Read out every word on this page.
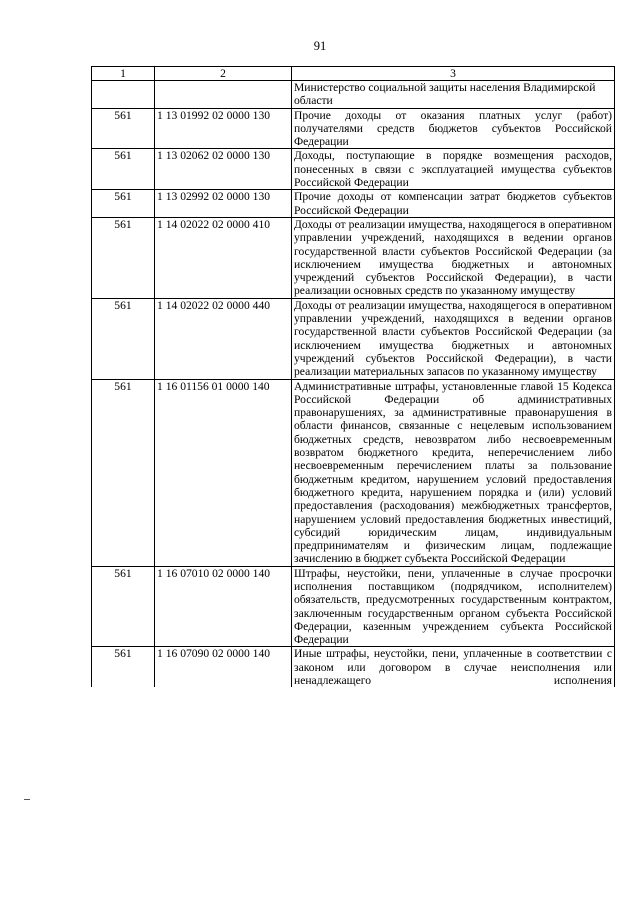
91
1	2	3
		Министерство социальной защиты населения Владимирской области
561	1 13 01992 02 0000 130	Прочие доходы от оказания платных услуг (работ) получателями средств бюджетов субъектов Российской Федерации
561	1 13 02062 02 0000 130	Доходы, поступающие в порядке возмещения расходов, понесенных в связи с эксплуатацией имущества субъектов Российской Федерации
561	1 13 02992 02 0000 130	Прочие доходы от компенсации затрат бюджетов субъектов Российской Федерации
561	1 14 02022 02 0000 410	Доходы от реализации имущества, находящегося в оперативном управлении учреждений, находящихся в ведении органов государственной власти субъектов Российской Федерации (за исключением имущества бюджетных и автономных учреждений субъектов Российской Федерации), в части реализации основных средств по указанному имуществу
561	1 14 02022 02 0000 440	Доходы от реализации имущества, находящегося в оперативном управлении учреждений, находящихся в ведении органов государственной власти субъектов Российской Федерации (за исключением имущества бюджетных и автономных учреждений субъектов Российской Федерации), в части реализации материальных запасов по указанному имуществу
561	1 16 01156 01 0000 140	Административные штрафы, установленные главой 15 Кодекса Российской Федерации об административных правонарушениях, за административные правонарушения в области финансов, связанные с нецелевым использованием бюджетных средств, невозвратом либо несвоевременным возвратом бюджетного кредита, неперечислением либо несвоевременным перечислением платы за пользование бюджетным кредитом, нарушением условий предоставления бюджетного кредита, нарушением порядка и (или) условий предоставления (расходования) межбюджетных трансфертов, нарушением условий предоставления бюджетных инвестиций, субсидий юридическим лицам, индивидуальным предпринимателям и физическим лицам, подлежащие зачислению в бюджет субъекта Российской Федерации
561	1 16 07010 02 0000 140	Штрафы, неустойки, пени, уплаченные в случае просрочки исполнения поставщиком (подрядчиком, исполнителем) обязательств, предусмотренных государственным контрактом, заключенным государственным органом субъекта Российской Федерации, казенным учреждением субъекта Российской Федерации
561	1 16 07090 02 0000 140	Иные штрафы, неустойки, пени, уплаченные в соответствии с законом или договором в случае неисполнения или ненадлежащего исполнения
